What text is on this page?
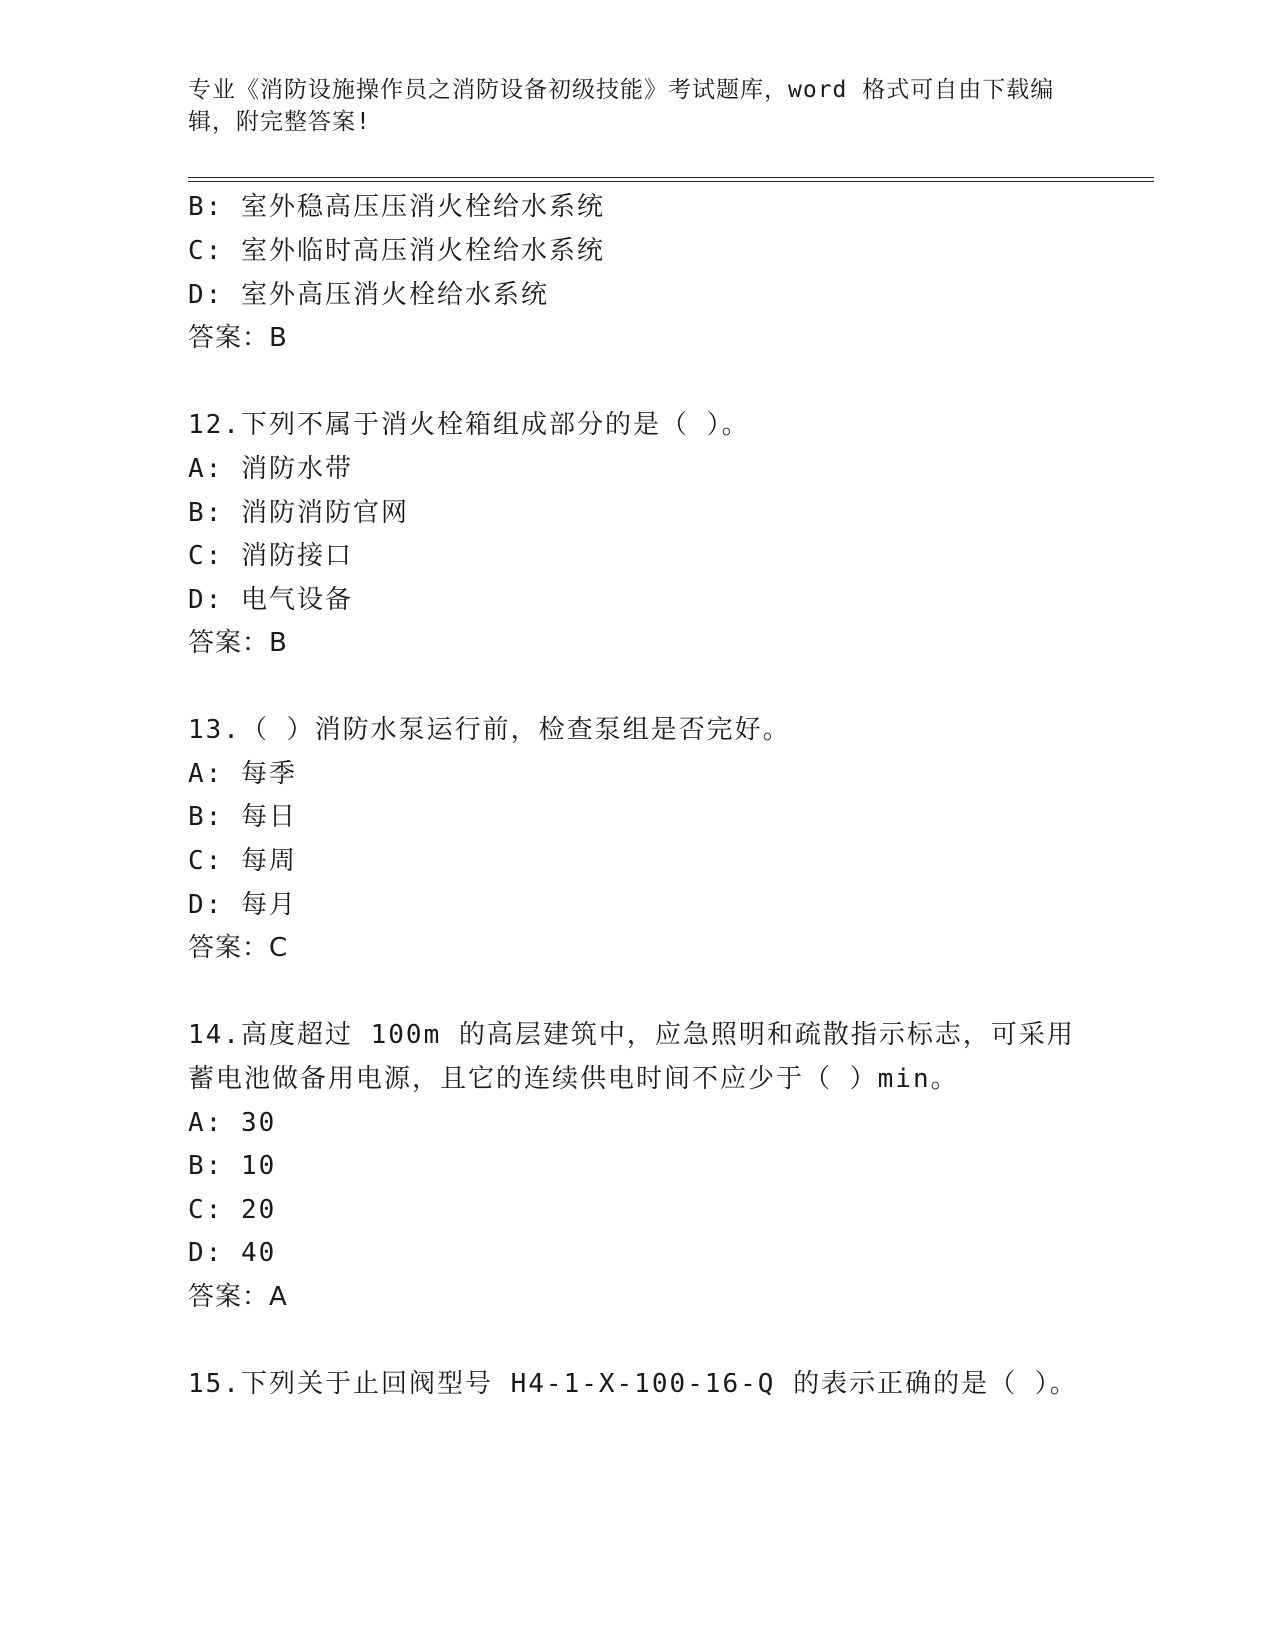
专业《消防设施操作员之消防设备初级技能》考试题库，word 格式可自由下载编辑，附完整答案!
B: 室外稳高压压消火栓给水系统
C: 室外临时高压消火栓给水系统
D: 室外高压消火栓给水系统
答案：B
12.下列不属于消火栓箱组成部分的是（ ）。
A: 消防水带
B: 消防消防官网
C: 消防接口
D: 电气设备
答案：B
13.（ ）消防水泵运行前，检查泵组是否完好。
A: 每季
B: 每日
C: 每周
D: 每月
答案：C
14.高度超过 100m 的高层建筑中，应急照明和疏散指示标志，可采用
蓄电池做备用电源，且它的连续供电时间不应少于（ ）min。
A: 30
B: 10
C: 20
D: 40
答案：A
15.下列关于止回阀型号 H4-1-X-100-16-Q 的表示正确的是（ ）。
